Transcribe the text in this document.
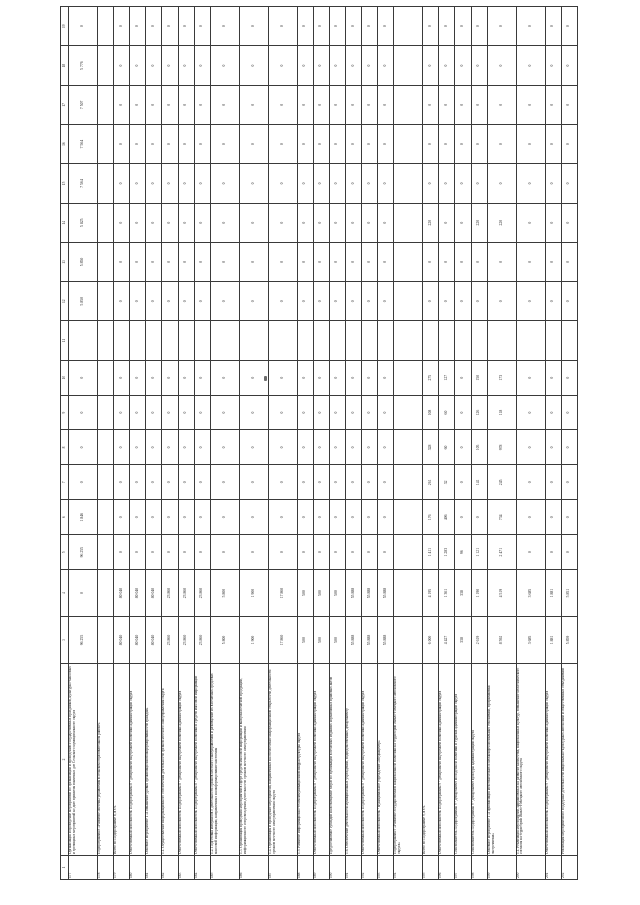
1	2	3	4	5	6	7	8	9	10	11	12	13	14	15	16	17	18	19
177	Организация и проведение мероприятий по организации и проведению государственных праздников, культурно-массовых и зрелищных мероприятий ко дню принятия памятных дат Сельского муниципального округа	96 255	0	96 255	1 846	0	0	0	0		5 850	5 850	5 825	7 564	7 564	7 507	5 776	0
178	Подпрограмма 8 «Развитие системы управления в сельском образовательном районе»																	
179	Всего по Подпрограмме 8, в т.ч.	80 040	80 040	0	0	0	0	0	0		0	0	0	0	0	0	0	0
180	Ответственный исполнитель Подпрограммы 8 - департамент внутренней политики администрации округа	80 040	80 040	0	0	0	0	0	0		0	0	0	0	0	0	0	0
181	Основное мероприятие 1 «Повышение уровня организационной информированности граждан»	80 040	80 040	0	0	0	0	0	0		0	0	0	0	0	0	0	0
182	1.1. Осуществление информационного обеспечения деятельности органов местного самоуправления округа	23 860	23 860	0	0	0	0	0	0		0	0	0	0	0	0	0	0
183	Ответственный исполнитель Подпрограммы 8 - департамент внутренней политики администрации округа	23 860	23 860	0	0	0	0	0	0		0	0	0	0	0	0	0	0
184	Ответственный исполнитель Подпрограммы 8 - департамент внутренней политики и средств массовой информации	23 860	23 860	0	0	0	0	0	0		0	0	0	0	0	0	0	0
185	1.2. Подготовка материалов о деятельности органов местного самоуправления и размещение их в печатных средствах массовой информации, направленных на информирование населения	5 800	5 800	0	0	0	0	0	0		0	0	0	0	0	0	0	0
186	1.3. Организация проведения мероприятий в сфере средств массовой информации и выпуска печатной продукции, информационного сопровождения деятельности органов местного самоуправления	1 900	1 900	0	0	0	0	0	0		0	0	0	0	0	0	0	0
187	1.4. Организация и проведение мероприятий, направленных на обеспечение информационной открытости деятельности органов местного самоуправления округа	17 860	17 860	0	0	0	0	0	0		0	0	0	0	0	0	0	0
188	1.5. Развитие информационно-телекоммуникационной инфраструктуры округа	500	500	0	0	0	0	0	0		0	0	0	0	0	0	0	0
189	Ответственный исполнитель Подпрограммы 8 - департамент внутренней политики администрации округа	500	500	0	0	0	0	0	0		0	0	0	0	0	0	0	0
190	Предоставление субсидий на возмещение затрат по публикации в печатных изданиях нормативных правовых актов	500	500	0	0	0	0	0	0		0	0	0	0	0	0	0	0
191	1.6. Обеспечение деятельности муниципальных учреждений, подведомственных департаменту	55 888	55 888	0	0	0	0	0	0		0	0	0	0	0	0	0	0
192	Ответственный исполнитель Подпрограммы 8 - департамент внутренней политики администрации округа	55 888	55 888	0	0	0	0	0	0		0	0	0	0	0	0	0	0
193	Ответственный исполнитель - муниципальное учреждение «Медиацентр»	55 888	55 888	0	0	0	0	0	0		0	0	0	0	0	0	0	0
194	Подпрограмма 9 «Развитие государственной национальной политики на территории Ямало-Ненецкого автономного округа»																	
195	Всего по Подпрограмме 9, в т.ч.	6 000	4 195	1 411	176	261	328	108	275		0	0	220	0	0	0	0	0
196	Ответственный исполнитель Подпрограммы 9 - департамент внутренней политики администрации округа	4 427	1 361	1 283	406	32	60	60	127		0	0	0	0	0	0	0	0
197	Соисполнитель Подпрограммы 9 - департамент молодежной политики и туризма администрации округа	338	338	96	0	0	0	0	0		0	0	0	0	0	0	0	0
198	Соисполнитель Подпрограммы 9 - департамент культуры администрации округа	2 619	1 190	1 121	0	141	105	126	150		0	0	220	0	0	0	0	0
199	Основное мероприятие 1 «Гармонизация межэтнических и межконфессиональных отношений, профилактика экстремизма»	8 592	4 519	2 471	734	245	978	118	173		0	0	220	0	0	0	0	0
200	1.1. Реализация мероприятий, направленных на развитие казачества, национальных культур, повышение межэтнического согласия на территории Ямало-Ненецкого автономного округа	3 685	3 685	0	0	0	0	0	0		0	0	0	0	0	0	0	0
201	Ответственный исполнитель Подпрограммы 9 - департамент внутренней политики администрации округа	1 881	1 881	0	0	0	0	0	0		0	0	0	0	0	0	0	0
202	Реализация мероприятий по поддержке деятельности национально-культурных автономий и общественных объединений	5 859	5 851	0	0	0	0	0	0		0	0	0	0	0	0	0	0
